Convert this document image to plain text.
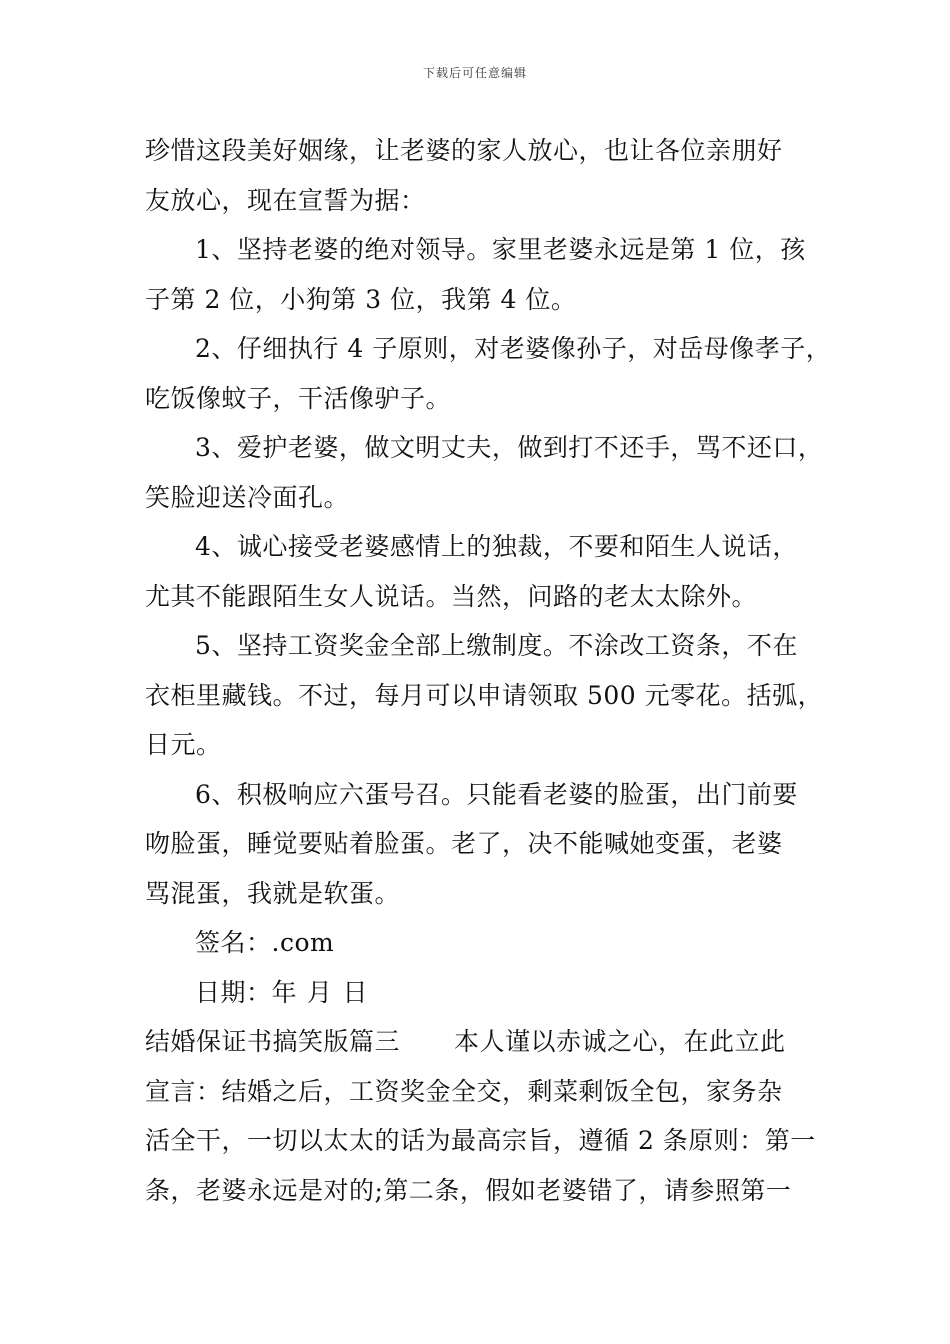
下载后可任意编辑
珍惜这段美好姻缘，让老婆的家人放心，也让各位亲朋好
友放心，现在宣誓为据：
1、坚持老婆的绝对领导。家里老婆永远是第 1 位，孩
子第 2 位，小狗第 3 位，我第 4 位。
2、仔细执行 4 子原则，对老婆像孙子，对岳母像孝子，
吃饭像蚊子，干活像驴子。
3、爱护老婆，做文明丈夫，做到打不还手，骂不还口，
笑脸迎送冷面孔。
4、诚心接受老婆感情上的独裁，不要和陌生人说话，
尤其不能跟陌生女人说话。当然，问路的老太太除外。
5、坚持工资奖金全部上缴制度。不涂改工资条，不在
衣柜里藏钱。不过，每月可以申请领取 500 元零花。括弧，
日元。
6、积极响应六蛋号召。只能看老婆的脸蛋，出门前要
吻脸蛋，睡觉要贴着脸蛋。老了，决不能喊她变蛋，老婆
骂混蛋，我就是软蛋。
签名：.com
日期：年 月 日
结婚保证书搞笑版篇三 本人谨以赤诚之心，在此立此
宣言：结婚之后，工资奖金全交，剩菜剩饭全包，家务杂
活全干，一切以太太的话为最高宗旨，遵循 2 条原则：第一
条，老婆永远是对的;第二条，假如老婆错了，请参照第一
